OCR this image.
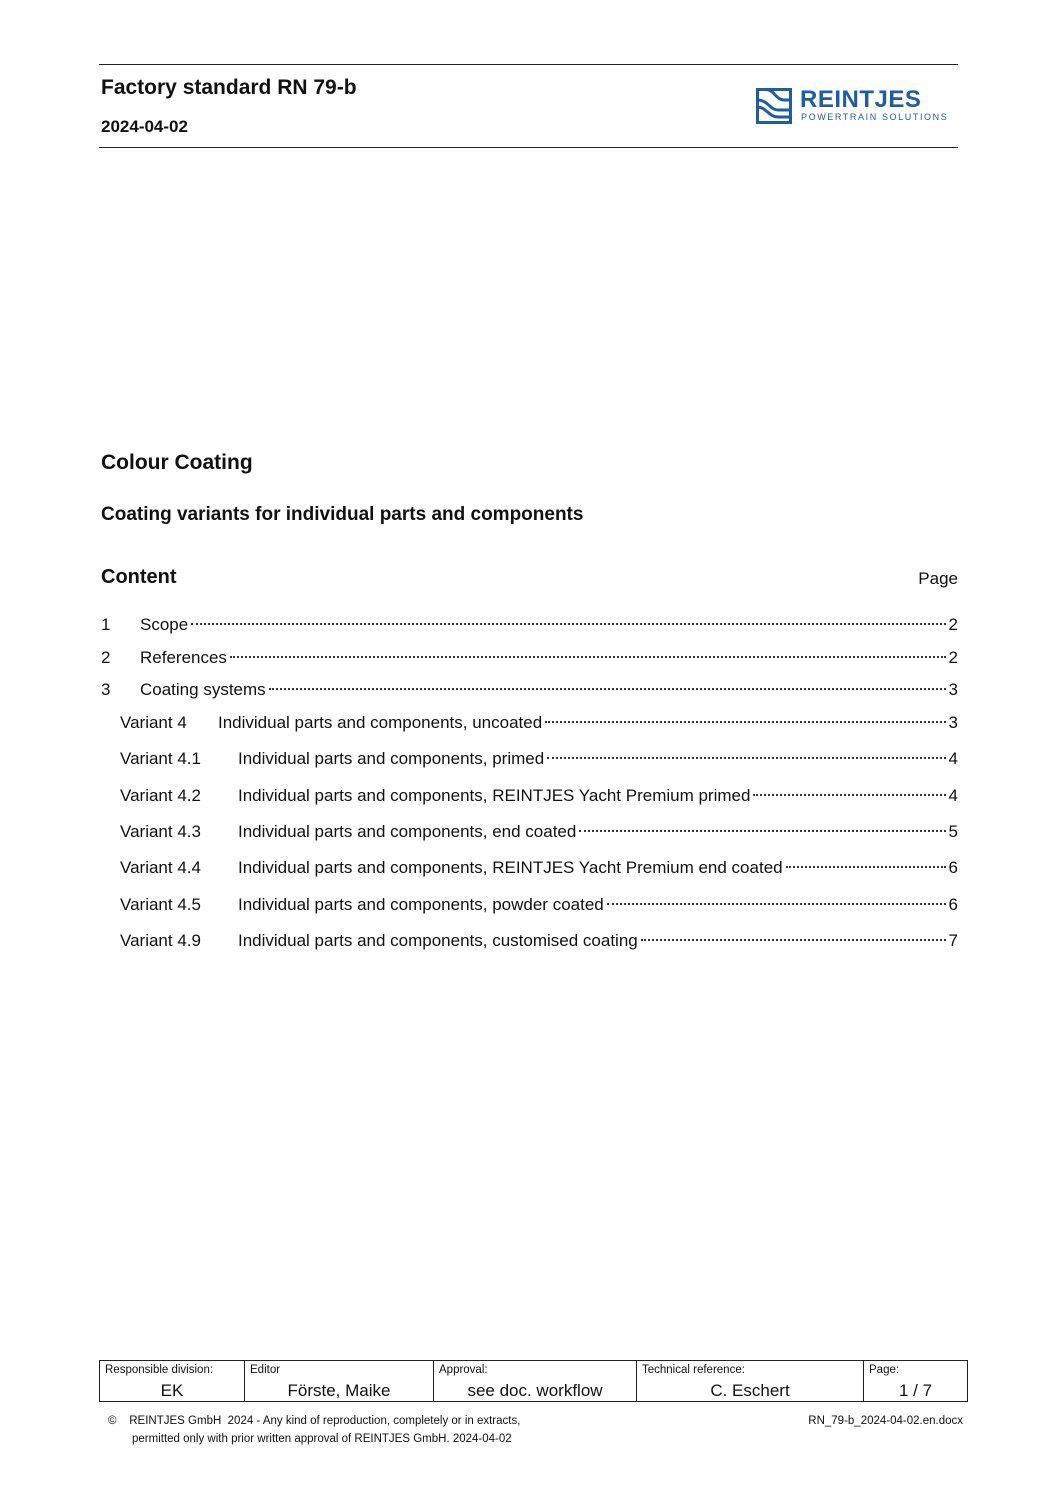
Factory standard RN 79-b
2024-04-02
REINTJES
POWERTRAIN SOLUTIONS
Colour Coating
Coating variants for individual parts and components
Content	Page
1	Scope	2
2	References	2
3	Coating systems	3
Variant 4	Individual parts and components, uncoated	3
Variant 4.1	Individual parts and components, primed	4
Variant 4.2	Individual parts and components, REINTJES Yacht Premium primed	4
Variant 4.3	Individual parts and components, end coated	5
Variant 4.4	Individual parts and components, REINTJES Yacht Premium end coated	6
Variant 4.5	Individual parts and components, powder coated	6
Variant 4.9	Individual parts and components, customised coating	7
Responsible division:
EK

Editor
Förste, Maike

Approval:
see doc. workflow

Technical reference:
C. Eschert

Page:
1 / 7
©    REINTJES GmbH  2024 - Any kind of reproduction, completely or in extracts,
permitted only with prior written approval of REINTJES GmbH. 2024-04-02
RN_79-b_2024-04-02.en.docx
